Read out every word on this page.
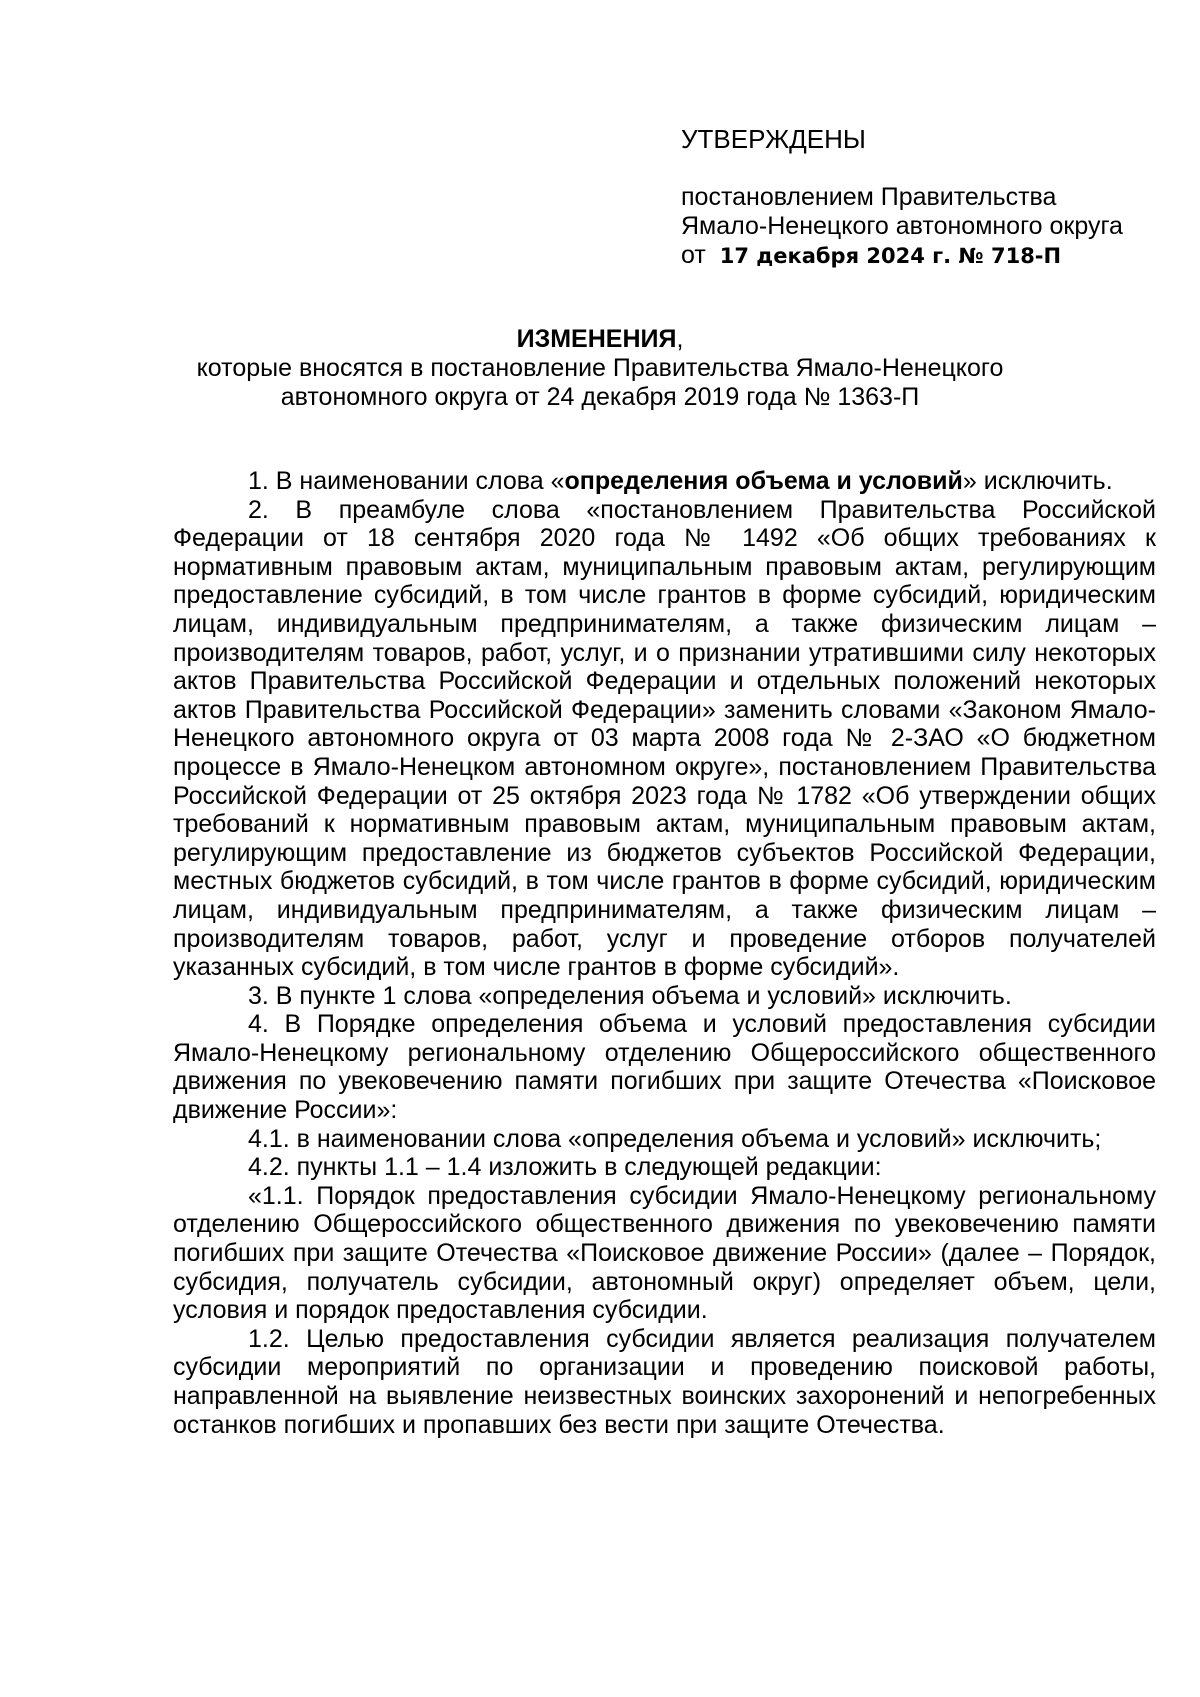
УТВЕРЖДЕНЫ
постановлением Правительства
Ямало-Ненецкого автономного округа
от 17 декабря 2024 г. № 718-П
ИЗМЕНЕНИЯ,
которые вносятся в постановление Правительства Ямало-Ненецкого
автономного округа от 24 декабря 2019 года № 1363-П

1. В наименовании слова «определения объема и условий» исключить.

2. В преамбуле слова «постановлением Правительства Российской Федерации от 18 сентября 2020 года № 1492 «Об общих требованиях к нормативным правовым актам, муниципальным правовым актам, регулирующим предоставление субсидий, в том числе грантов в форме субсидий, юридическим лицам, индивидуальным предпринимателям, а также физическим лицам – производителям товаров, работ, услуг, и о признании утратившими силу некоторых актов Правительства Российской Федерации и отдельных положений некоторых актов Правительства Российской Федерации» заменить словами «Законом Ямало-Ненецкого автономного округа от 03 марта 2008 года № 2-ЗАО «О бюджетном процессе в Ямало-Ненецком автономном округе», постановлением Правительства Российской Федерации от 25 октября 2023 года № 1782 «Об утверждении общих требований к нормативным правовым актам, муниципальным правовым актам, регулирующим предоставление из бюджетов субъектов Российской Федерации, местных бюджетов субсидий, в том числе грантов в форме субсидий, юридическим лицам, индивидуальным предпринимателям, а также физическим лицам – производителям товаров, работ, услуг и проведение отборов получателей указанных субсидий, в том числе грантов в форме субсидий».

3. В пункте 1 слова «определения объема и условий» исключить.

4. В Порядке определения объема и условий предоставления субсидии Ямало-Ненецкому региональному отделению Общероссийского общественного движения по увековечению памяти погибших при защите Отечества «Поисковое движение России»:

4.1. в наименовании слова «определения объема и условий» исключить;

4.2. пункты 1.1 – 1.4 изложить в следующей редакции:

«1.1. Порядок предоставления субсидии Ямало-Ненецкому региональному отделению Общероссийского общественного движения по увековечению памяти погибших при защите Отечества «Поисковое движение России» (далее – Порядок, субсидия, получатель субсидии, автономный округ) определяет объем, цели, условия и порядок предоставления субсидии.

1.2. Целью предоставления субсидии является реализация получателем субсидии мероприятий по организации и проведению поисковой работы, направленной на выявление неизвестных воинских захоронений и непогребенных останков погибших и пропавших без вести при защите Отечества.
